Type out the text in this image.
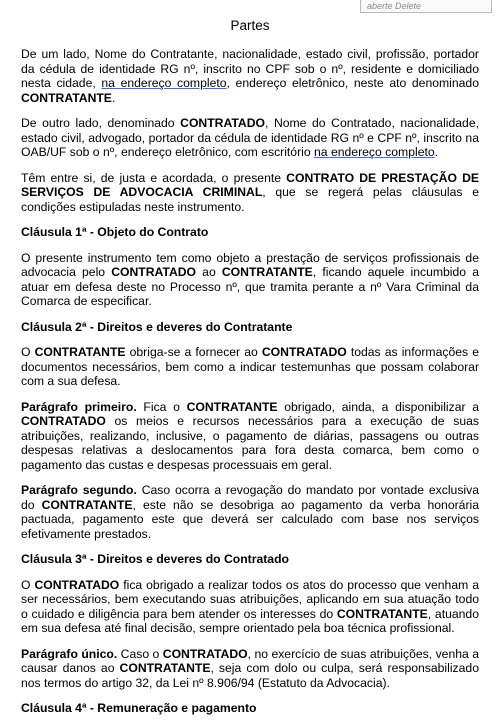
aberte Delete
Partes

De um lado, Nome do Contratante, nacionalidade, estado civil, profissão, portador da cédula de identidade RG nº, inscrito no CPF sob o nº, residente e domiciliado nesta cidade, na endereço completo, endereço eletrônico, neste ato denominado CONTRATANTE.

De outro lado, denominado CONTRATADO, Nome do Contratado, nacionalidade, estado civil, advogado, portador da cédula de identidade RG nº e CPF nº, inscrito na OAB/UF sob o nº, endereço eletrônico, com escritório na endereço completo.

Têm entre si, de justa e acordada, o presente CONTRATO DE PRESTAÇÃO DE SERVIÇOS DE ADVOCACIA CRIMINAL, que se regerá pelas cláusulas e condições estipuladas neste instrumento.

Cláusula 1ª - Objeto do Contrato

O presente instrumento tem como objeto a prestação de serviços profissionais de advocacia pelo CONTRATADO ao CONTRATANTE, ficando aquele incumbido a atuar em defesa deste no Processo nº, que tramita perante a nº Vara Criminal da Comarca de especificar.

Cláusula 2ª - Direitos e deveres do Contratante

O CONTRATANTE obriga-se a fornecer ao CONTRATADO todas as informações e documentos necessários, bem como a indicar testemunhas que possam colaborar com a sua defesa.

Parágrafo primeiro. Fica o CONTRATANTE obrigado, ainda, a disponibilizar a CONTRATADO os meios e recursos necessários para a execução de suas atribuições, realizando, inclusive, o pagamento de diárias, passagens ou outras despesas relativas a deslocamentos para fora desta comarca, bem como o pagamento das custas e despesas processuais em geral.

Parágrafo segundo. Caso ocorra a revogação do mandato por vontade exclusiva do CONTRATANTE, este não se desobriga ao pagamento da verba honorária pactuada, pagamento este que deverá ser calculado com base nos serviços efetivamente prestados.

Cláusula 3ª - Direitos e deveres do Contratado

O CONTRATADO fica obrigado a realizar todos os atos do processo que venham a ser necessários, bem executando suas atribuições, aplicando em sua atuação todo o cuidado e diligência para bem atender os interesses do CONTRATANTE, atuando em sua defesa até final decisão, sempre orientado pela boa técnica profissional.

Parágrafo único. Caso o CONTRATADO, no exercício de suas atribuições, venha a causar danos ao CONTRATANTE, seja com dolo ou culpa, será responsabilizado nos termos do artigo 32, da Lei nº 8.906/94 (Estatuto da Advocacia).

Cláusula 4ª - Remuneração e pagamento
